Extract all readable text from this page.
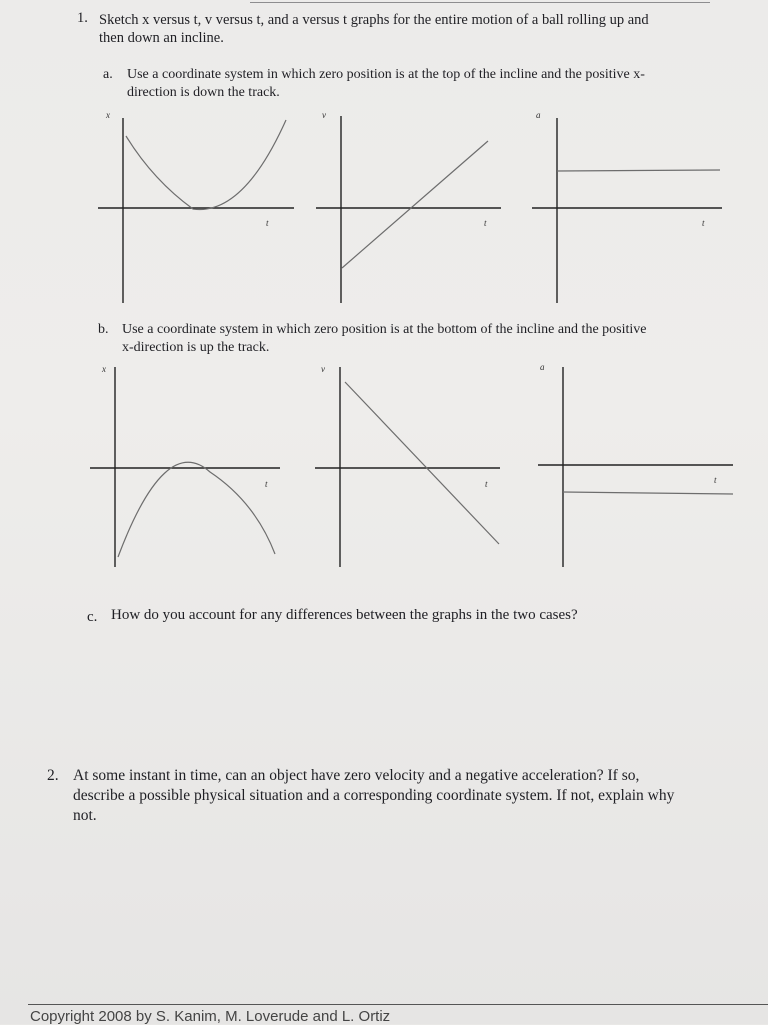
1. Sketch x versus t, v versus t, and a versus t graphs for the entire motion of a ball rolling up and

then down an incline.

a. Use a coordinate system in which zero position is at the top of the incline and the positive x-

direction is down the track.

x
t
v
t
a
t
b. Use a coordinate system in which zero position is at the bottom of the incline and the positive

x-direction is up the track.

x
t
v
t
a
t
c. How do you account for any differences between the graphs in the two cases?

2. At some instant in time, can an object have zero velocity and a negative acceleration? If so,

describe a possible physical situation and a corresponding coordinate system. If not, explain why

not.

Copyright 2008 by S. Kanim, M. Loverude and L. Ortiz
